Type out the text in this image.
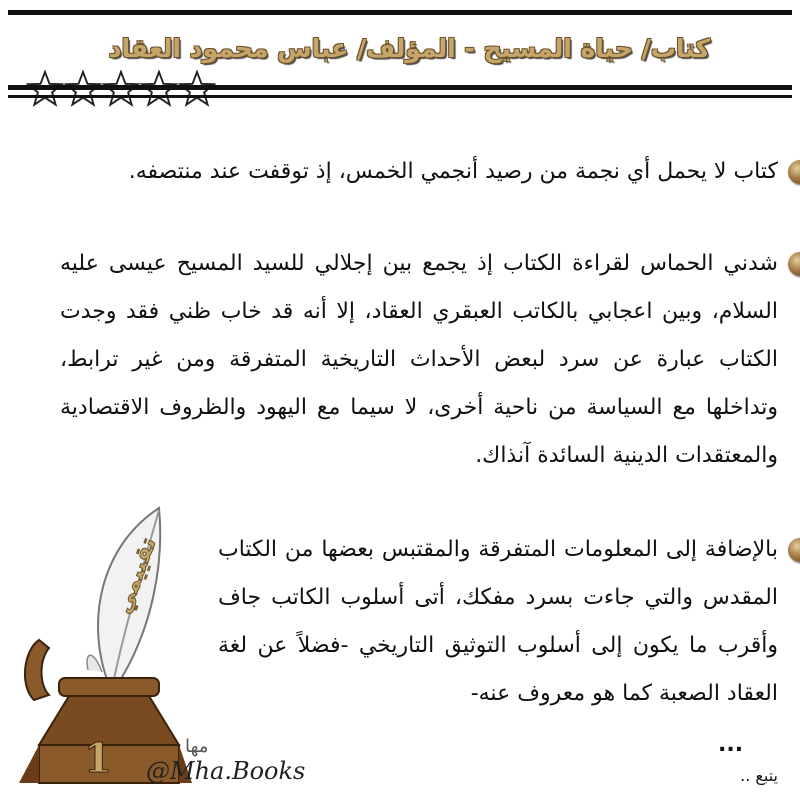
كتاب/ حياة المسيح - المؤلف/ عباس محمود العقاد
كتاب لا يحمل أي نجمة من رصيد أنجمي الخمس، إذ توقفت عند منتصفه.
شدني الحماس لقراءة الكتاب إذ يجمع بين إجلالي للسيد المسيح عيسى عليه السلام، وبين اعجابي بالكاتب العبقري العقاد، إلا أنه قد خاب ظني فقد وجدت الكتاب عبارة عن سرد لبعض الأحداث التاريخية المتفرقة ومن غير ترابط، وتداخلها مع السياسة من ناحية أخرى، لا سيما مع اليهود والظروف الاقتصادية والمعتقدات الدينية السائدة آنذاك.
بالإضافة إلى المعلومات المتفرقة والمقتبس بعضها من الكتاب المقدس والتي جاءت بسرد مفكك، أتى أسلوب الكاتب جاف وأقرب ما يكون إلى أسلوب التوثيق التاريخي -فضلاً عن لغة العقاد الصعبة كما هو معروف عنه-
...
يتبع ..
تقييمي
1	مها
@Mha.Books
